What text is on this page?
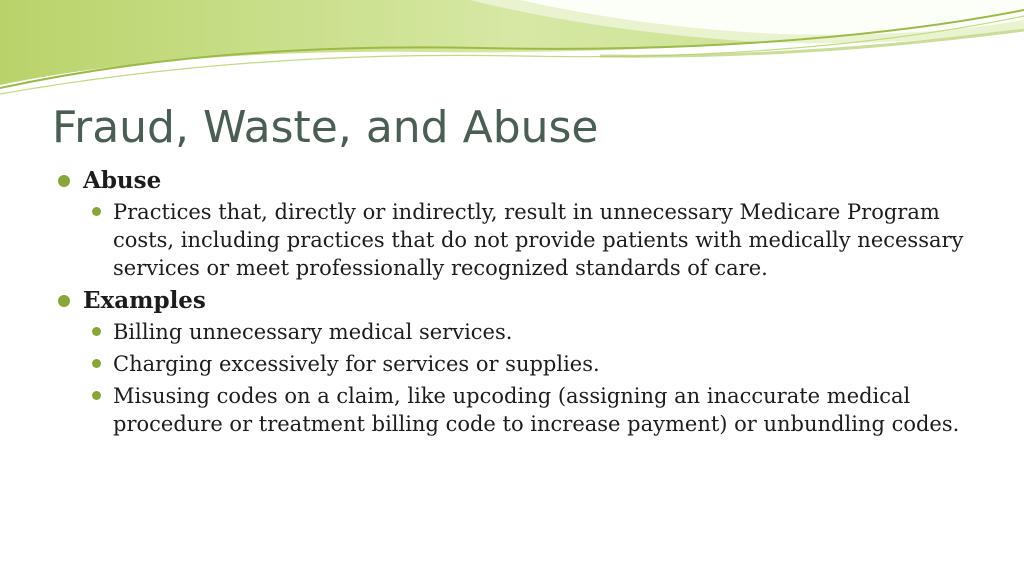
Fraud, Waste, and Abuse
Abuse
Practices that, directly or indirectly, result in unnecessary Medicare Program costs, including practices that do not provide patients with medically necessary services or meet professionally recognized standards of care.
Examples
Billing unnecessary medical services.
Charging excessively for services or supplies.
Misusing codes on a claim, like upcoding (assigning an inaccurate medical procedure or treatment billing code to increase payment) or unbundling codes.
